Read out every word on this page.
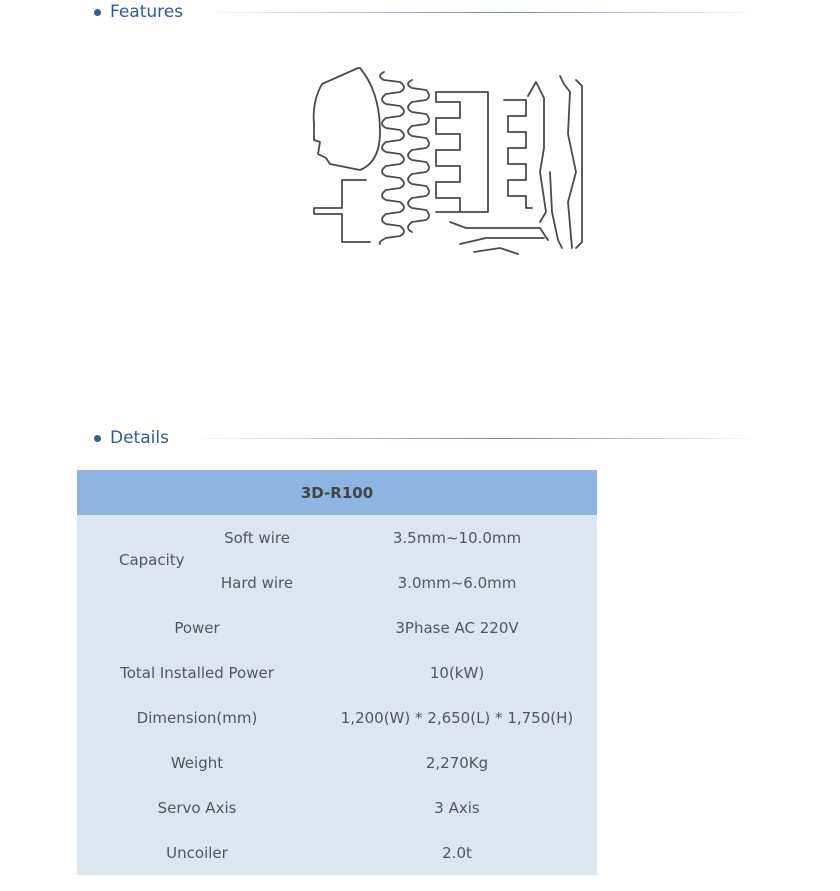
Features
Details
3D-R100		
Capacity	Soft wire	3.5mm~10.0mm
	Hard wire	3.0mm~6.0mm
Power		3Phase AC 220V
Total Installed Power		10(kW)
Dimension(mm)		1,200(W) * 2,650(L) * 1,750(H)
Weight		2,270Kg
Servo Axis		3 Axis
Uncoiler		2.0t
